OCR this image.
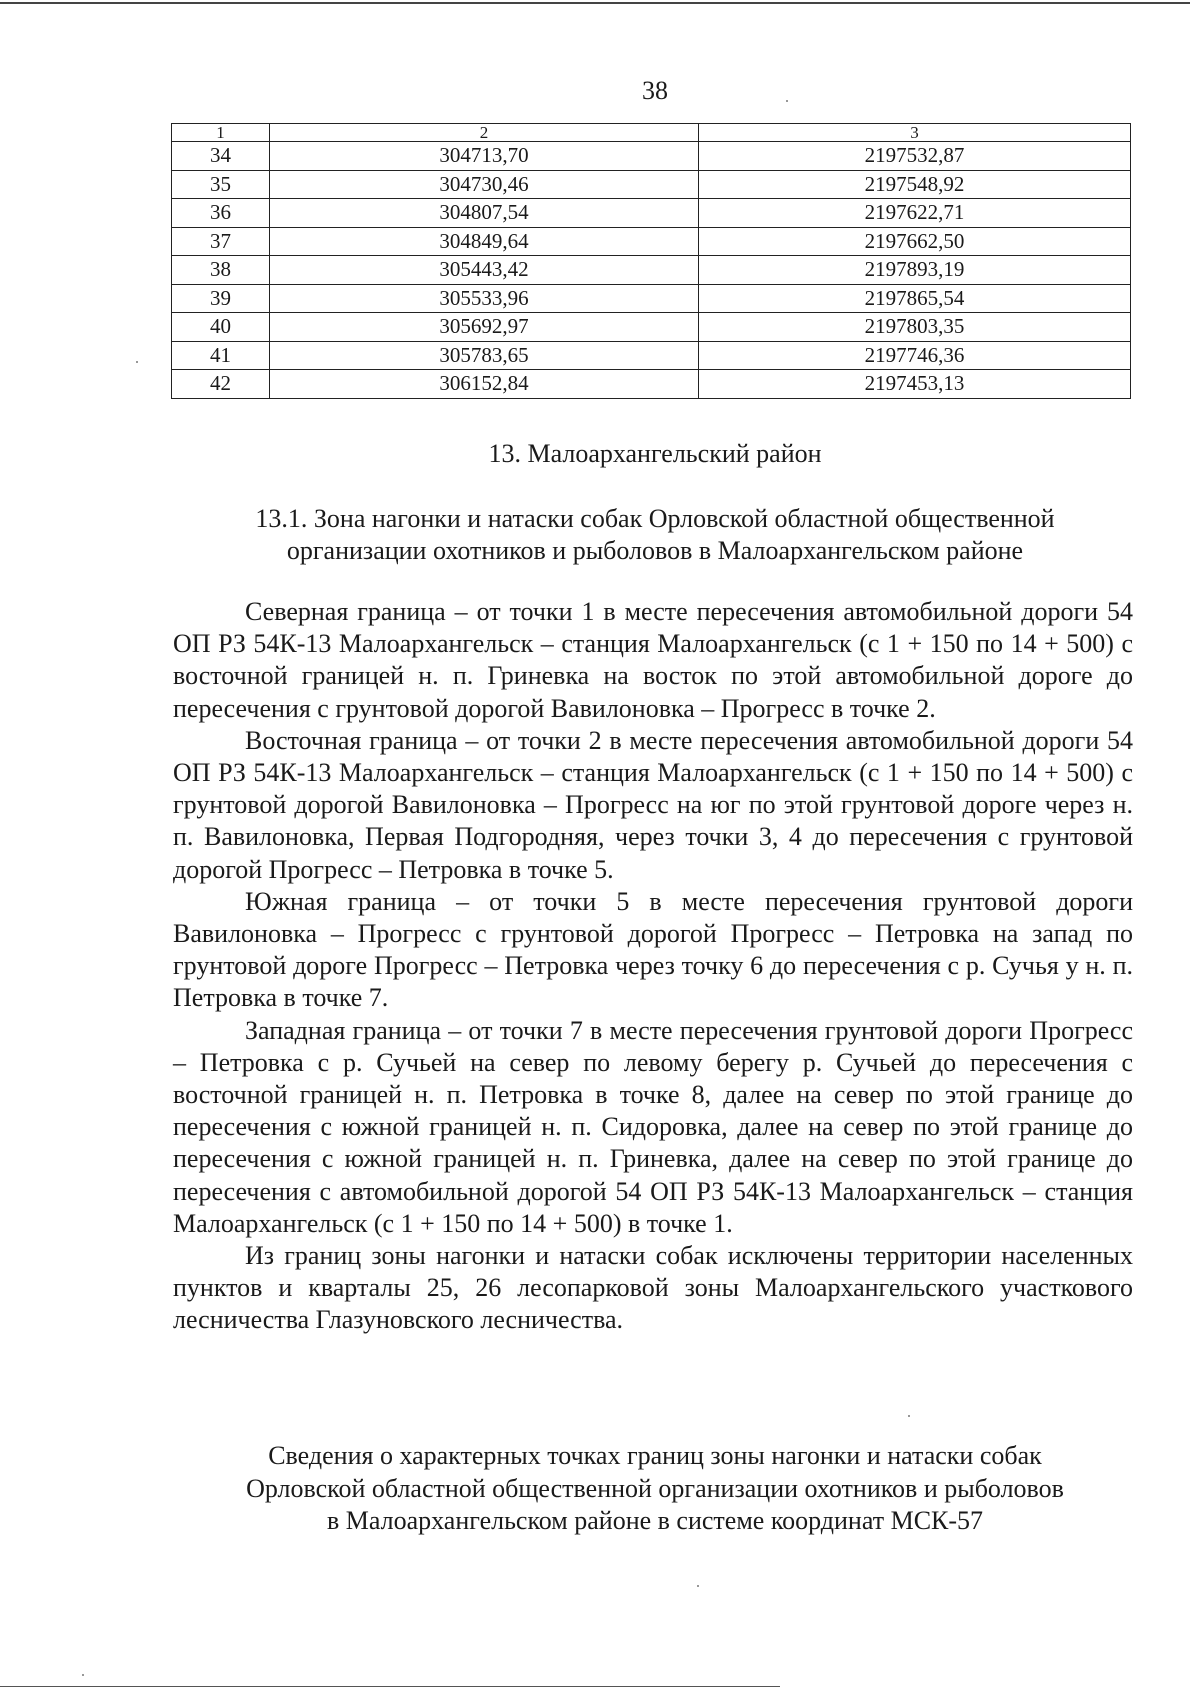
38
1	2	3
34	304713,70	2197532,87
35	304730,46	2197548,92
36	304807,54	2197622,71
37	304849,64	2197662,50
38	305443,42	2197893,19
39	305533,96	2197865,54
40	305692,97	2197803,35
41	305783,65	2197746,36
42	306152,84	2197453,13
13. Малоархангельский район
13.1. Зона нагонки и натаски собак Орловской областной общественной
организации охотников и рыболовов в Малоархангельском районе

Северная граница – от точки 1 в месте пересечения автомобильной дороги 54 ОП РЗ 54К-13 Малоархангельск – станция Малоархангельск (с 1 + 150 по 14 + 500) с восточной границей н. п. Гриневка на восток по этой автомобильной дороге до пересечения с грунтовой дорогой Вавилоновка – Прогресс в точке 2.

Восточная граница – от точки 2 в месте пересечения автомобильной дороги 54 ОП РЗ 54К-13 Малоархангельск – станция Малоархангельск (с 1 + 150 по 14 + 500) с грунтовой дорогой Вавилоновка – Прогресс на юг по этой грунтовой дороге через н. п. Вавилоновка, Первая Подгородняя, через точки 3, 4 до пересечения с грунтовой дорогой Прогресс – Петровка в точке 5.

Южная граница – от точки 5 в месте пересечения грунтовой дороги Вавилоновка – Прогресс с грунтовой дорогой Прогресс – Петровка на запад по грунтовой дороге Прогресс – Петровка через точку 6 до пересечения с р. Сучья у н. п. Петровка в точке 7.

Западная граница – от точки 7 в месте пересечения грунтовой дороги Прогресс – Петровка с р. Сучьей на север по левому берегу р. Сучьей до пересечения с восточной границей н. п. Петровка в точке 8, далее на север по этой границе до пересечения с южной границей н. п. Сидоровка, далее на север по этой границе до пересечения с южной границей н. п. Гриневка, далее на север по этой границе до пересечения с автомобильной дорогой 54 ОП РЗ 54К-13 Малоархангельск – станция Малоархангельск (с 1 + 150 по 14 + 500) в точке 1.

Из границ зоны нагонки и натаски собак исключены территории населенных пунктов и кварталы 25, 26 лесопарковой зоны Малоархангельского участкового лесничества Глазуновского лесничества.

Сведения о характерных точках границ зоны нагонки и натаски собак
Орловской областной общественной организации охотников и рыболовов
в Малоархангельском районе в системе координат МСК-57
